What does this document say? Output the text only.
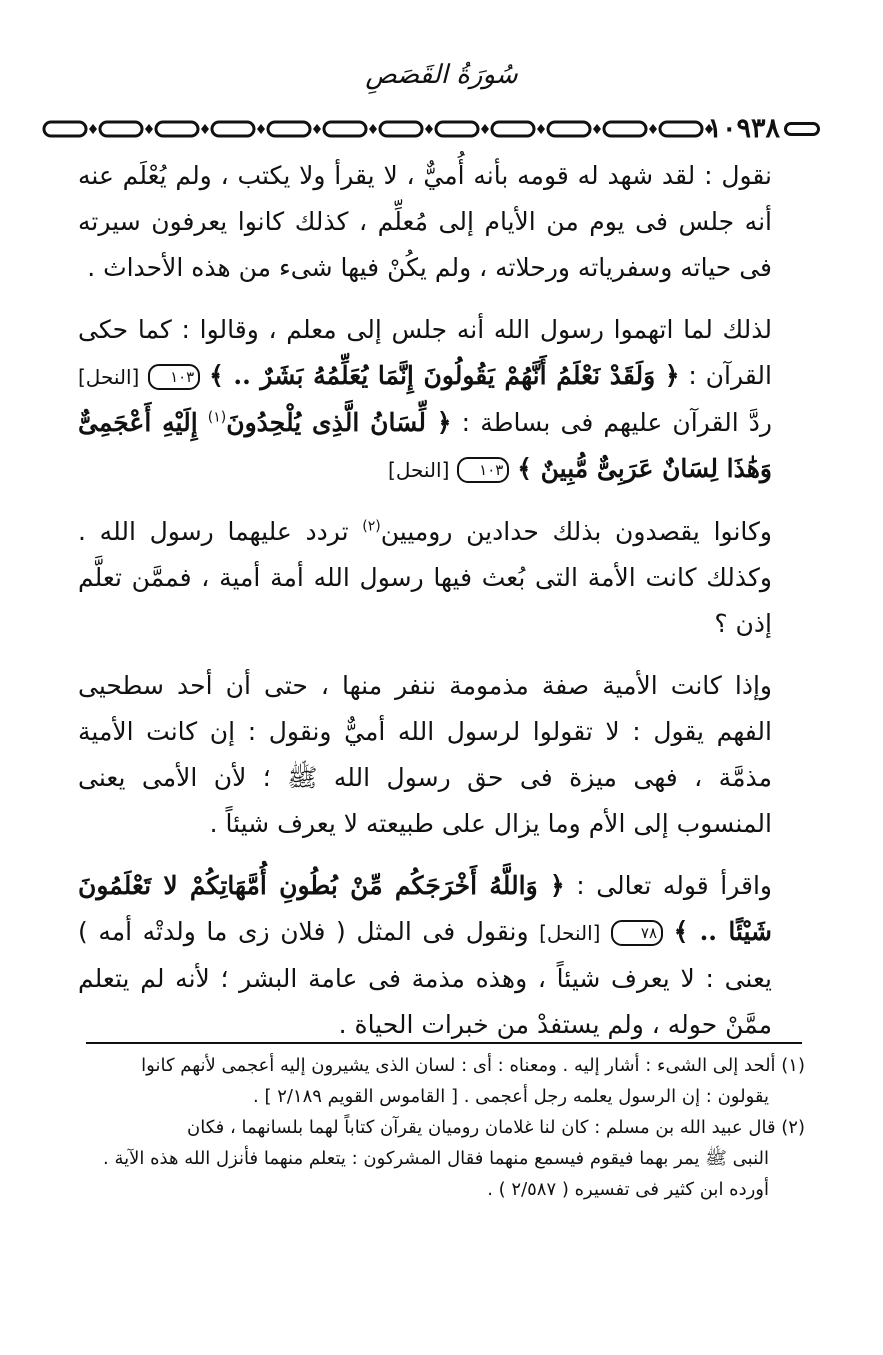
سُورَةُ القَصَصِ
١٠٩٣٨

نقول : لقد شهد له قومه بأنه أُميٌّ ، لا يقرأ ولا يكتب ، ولم يُعْلَم عنه أنه جلس فى يوم من الأيام إلى مُعلِّم ، كذلك كانوا يعرفون سيرته فى حياته وسفرياته ورحلاته ، ولم يكُنْ فيها شىء من هذه الأحداث .

لذلك لما اتهموا رسول الله أنه جلس إلى معلم ، وقالوا : كما حكى القرآن : ﴿ وَلَقَدْ نَعْلَمُ أَنَّهُمْ يَقُولُونَ إِنَّمَا يُعَلِّمُهُ بَشَرٌ .. ﴾ ١٠٣ [النحل] ردَّ القرآن عليهم فى بساطة : ﴿ لِّسَانُ الَّذِى يُلْحِدُونَ$^{(١)}$ إِلَيْهِ أَعْجَمِىٌّ وَهَٰذَا لِسَانٌ عَرَبِىٌّ مُّبِينٌ ﴾ ١٠٣ [النحل]

وكانوا يقصدون بذلك حدادين روميين$^{(٢)}$ تردد عليهما رسول الله . وكذلك كانت الأمة التى بُعث فيها رسول الله أمة أمية ، فممَّن تعلَّم إذن ؟

وإذا كانت الأمية صفة مذمومة ننفر منها ، حتى أن أحد سطحيى الفهم يقول : لا تقولوا لرسول الله أميٌّ ونقول : إن كانت الأمية مذمَّة ، فهى ميزة فى حق رسول الله ﷺ ؛ لأن الأمى يعنى المنسوب إلى الأم وما يزال على طبيعته لا يعرف شيئاً .

واقرأ قوله تعالى : ﴿ وَاللَّهُ أَخْرَجَكُم مِّنْ بُطُونِ أُمَّهَاتِكُمْ لا تَعْلَمُونَ شَيْئًا .. ﴾ ٧٨ [النحل] ونقول فى المثل ( فلان زى ما ولدتْه أمه ) يعنى : لا يعرف شيئاً ، وهذه مذمة فى عامة البشر ؛ لأنه لم يتعلم ممَّنْ حوله ، ولم يستفدْ من خبرات الحياة .

(١) ألحد إلى الشىء : أشار إليه . ومعناه : أى : لسان الذى يشيرون إليه أعجمى لأنهم كانوا

يقولون : إن الرسول يعلمه رجل أعجمى . [ القاموس القويم ٢/١٨٩ ] .

(٢) قال عبيد الله بن مسلم : كان لنا غلامان روميان يقرآن كتاباً لهما بلسانهما ، فكان

النبى ﷺ يمر بهما فيقوم فيسمع منهما فقال المشركون : يتعلم منهما فأنزل الله هذه الآية .

أورده ابن كثير فى تفسيره ( ٢/٥٨٧ ) .
